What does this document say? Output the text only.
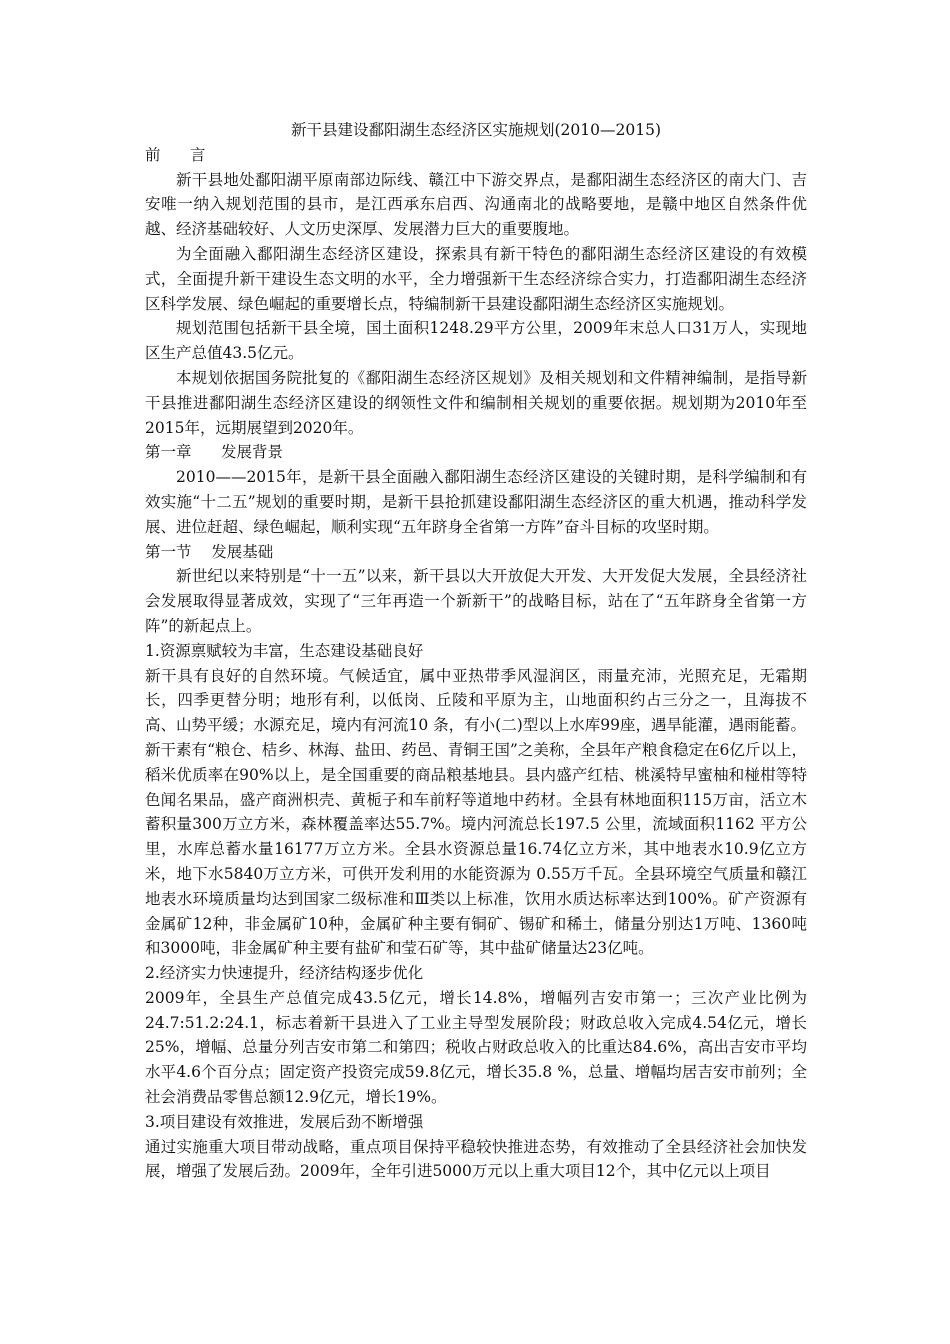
新干县建设鄱阳湖生态经济区实施规划(2010—2015)

前      言

新干县地处鄱阳湖平原南部边际线、赣江中下游交界点，是鄱阳湖生态经济区的南大门、吉安唯一纳入规划范围的县市，是江西承东启西、沟通南北的战略要地，是赣中地区自然条件优越、经济基础较好、人文历史深厚、发展潜力巨大的重要腹地。

为全面融入鄱阳湖生态经济区建设，探索具有新干特色的鄱阳湖生态经济区建设的有效模式，全面提升新干建设生态文明的水平，全力增强新干生态经济综合实力，打造鄱阳湖生态经济区科学发展、绿色崛起的重要增长点，特编制新干县建设鄱阳湖生态经济区实施规划。

规划范围包括新干县全境，国土面积1248.29平方公里，2009年末总人口31万人，实现地区生产总值43.5亿元。

本规划依据国务院批复的《鄱阳湖生态经济区规划》及相关规划和文件精神编制，是指导新干县推进鄱阳湖生态经济区建设的纲领性文件和编制相关规划的重要依据。规划期为2010年至2015年，远期展望到2020年。

第一章      发展背景

2010——2015年，是新干县全面融入鄱阳湖生态经济区建设的关键时期，是科学编制和有效实施“十二五”规划的重要时期，是新干县抢抓建设鄱阳湖生态经济区的重大机遇，推动科学发展、进位赶超、绿色崛起，顺利实现“五年跻身全省第一方阵”奋斗目标的攻坚时期。

第一节    发展基础

新世纪以来特别是“十一五”以来，新干县以大开放促大开发、大开发促大发展，全县经济社会发展取得显著成效，实现了“三年再造一个新新干”的战略目标，站在了“五年跻身全省第一方阵”的新起点上。

1.资源禀赋较为丰富，生态建设基础良好

新干具有良好的自然环境。气候适宜，属中亚热带季风湿润区，雨量充沛，光照充足，无霜期长，四季更替分明；地形有利，以低岗、丘陵和平原为主，山地面积约占三分之一，且海拔不高、山势平缓；水源充足，境内有河流10 条，有小(二)型以上水库99座，遇旱能灌，遇雨能蓄。

新干素有“粮仓、桔乡、林海、盐田、药邑、青铜王国”之美称，全县年产粮食稳定在6亿斤以上，稻米优质率在90%以上，是全国重要的商品粮基地县。县内盛产红桔、桃溪特早蜜柚和椪柑等特色闻名果品，盛产商洲枳壳、黄栀子和车前籽等道地中药材。全县有林地面积115万亩，活立木蓄积量300万立方米，森林覆盖率达55.7%。境内河流总长197.5 公里，流域面积1162 平方公里，水库总蓄水量16177万立方米。全县水资源总量16.74亿立方米，其中地表水10.9亿立方米，地下水5840万立方米，可供开发利用的水能资源为 0.55万千瓦。全县环境空气质量和赣江地表水环境质量均达到国家二级标准和Ⅲ类以上标准，饮用水质达标率达到100%。矿产资源有金属矿12种，非金属矿10种，金属矿种主要有铜矿、锡矿和稀土，储量分别达1万吨、1360吨和3000吨，非金属矿种主要有盐矿和莹石矿等，其中盐矿储量达23亿吨。

2.经济实力快速提升，经济结构逐步优化

2009年，全县生产总值完成43.5亿元，增长14.8%，增幅列吉安市第一；三次产业比例为24.7:51.2:24.1，标志着新干县进入了工业主导型发展阶段；财政总收入完成4.54亿元，增长25%，增幅、总量分列吉安市第二和第四；税收占财政总收入的比重达84.6%，高出吉安市平均水平4.6个百分点；固定资产投资完成59.8亿元，增长35.8 %，总量、增幅均居吉安市前列；全社会消费品零售总额12.9亿元，增长19%。

3.项目建设有效推进，发展后劲不断增强

通过实施重大项目带动战略，重点项目保持平稳较快推进态势，有效推动了全县经济社会加快发展，增强了发展后劲。2009年，全年引进5000万元以上重大项目12个，其中亿元以上项目
